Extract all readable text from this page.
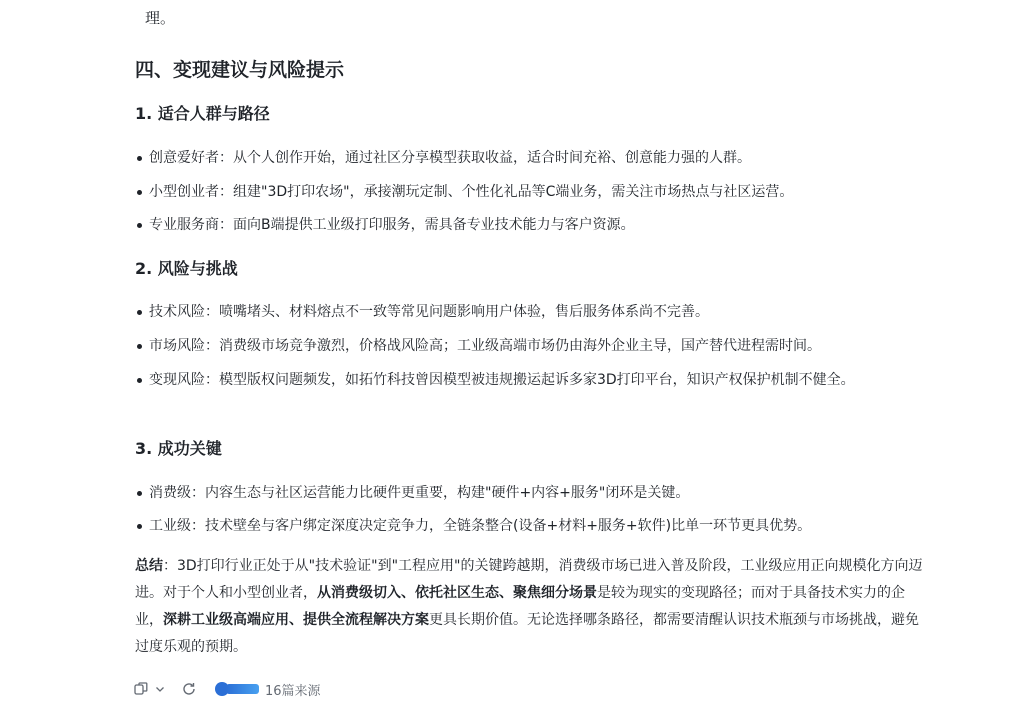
理。
四、变现建议与风险提示
1. 适合人群与路径
创意爱好者：从个人创作开始，通过社区分享模型获取收益，适合时间充裕、创意能力强的人群。
小型创业者：组建"3D打印农场"，承接潮玩定制、个性化礼品等C端业务，需关注市场热点与社区运营。
专业服务商：面向B端提供工业级打印服务，需具备专业技术能力与客户资源。
2. 风险与挑战
技术风险：喷嘴堵头、材料熔点不一致等常见问题影响用户体验，售后服务体系尚不完善。
市场风险：消费级市场竞争激烈，价格战风险高；工业级高端市场仍由海外企业主导，国产替代进程需时间。
变现风险：模型版权问题频发，如拓竹科技曾因模型被违规搬运起诉多家3D打印平台，知识产权保护机制不健全。
3. 成功关键
消费级：内容生态与社区运营能力比硬件更重要，构建"硬件+内容+服务"闭环是关键。
工业级：技术壁垒与客户绑定深度决定竞争力，全链条整合(设备+材料+服务+软件)比单一环节更具优势。
总结：3D打印行业正处于从"技术验证"到"工程应用"的关键跨越期，消费级市场已进入普及阶段，工业级应用正向规模化方向迈进。对于个人和小型创业者，从消费级切入、依托社区生态、聚焦细分场景是较为现实的变现路径；而对于具备技术实力的企业，深耕工业级高端应用、提供全流程解决方案更具长期价值。无论选择哪条路径，都需要清醒认识技术瓶颈与市场挑战，避免过度乐观的预期。
16篇来源
